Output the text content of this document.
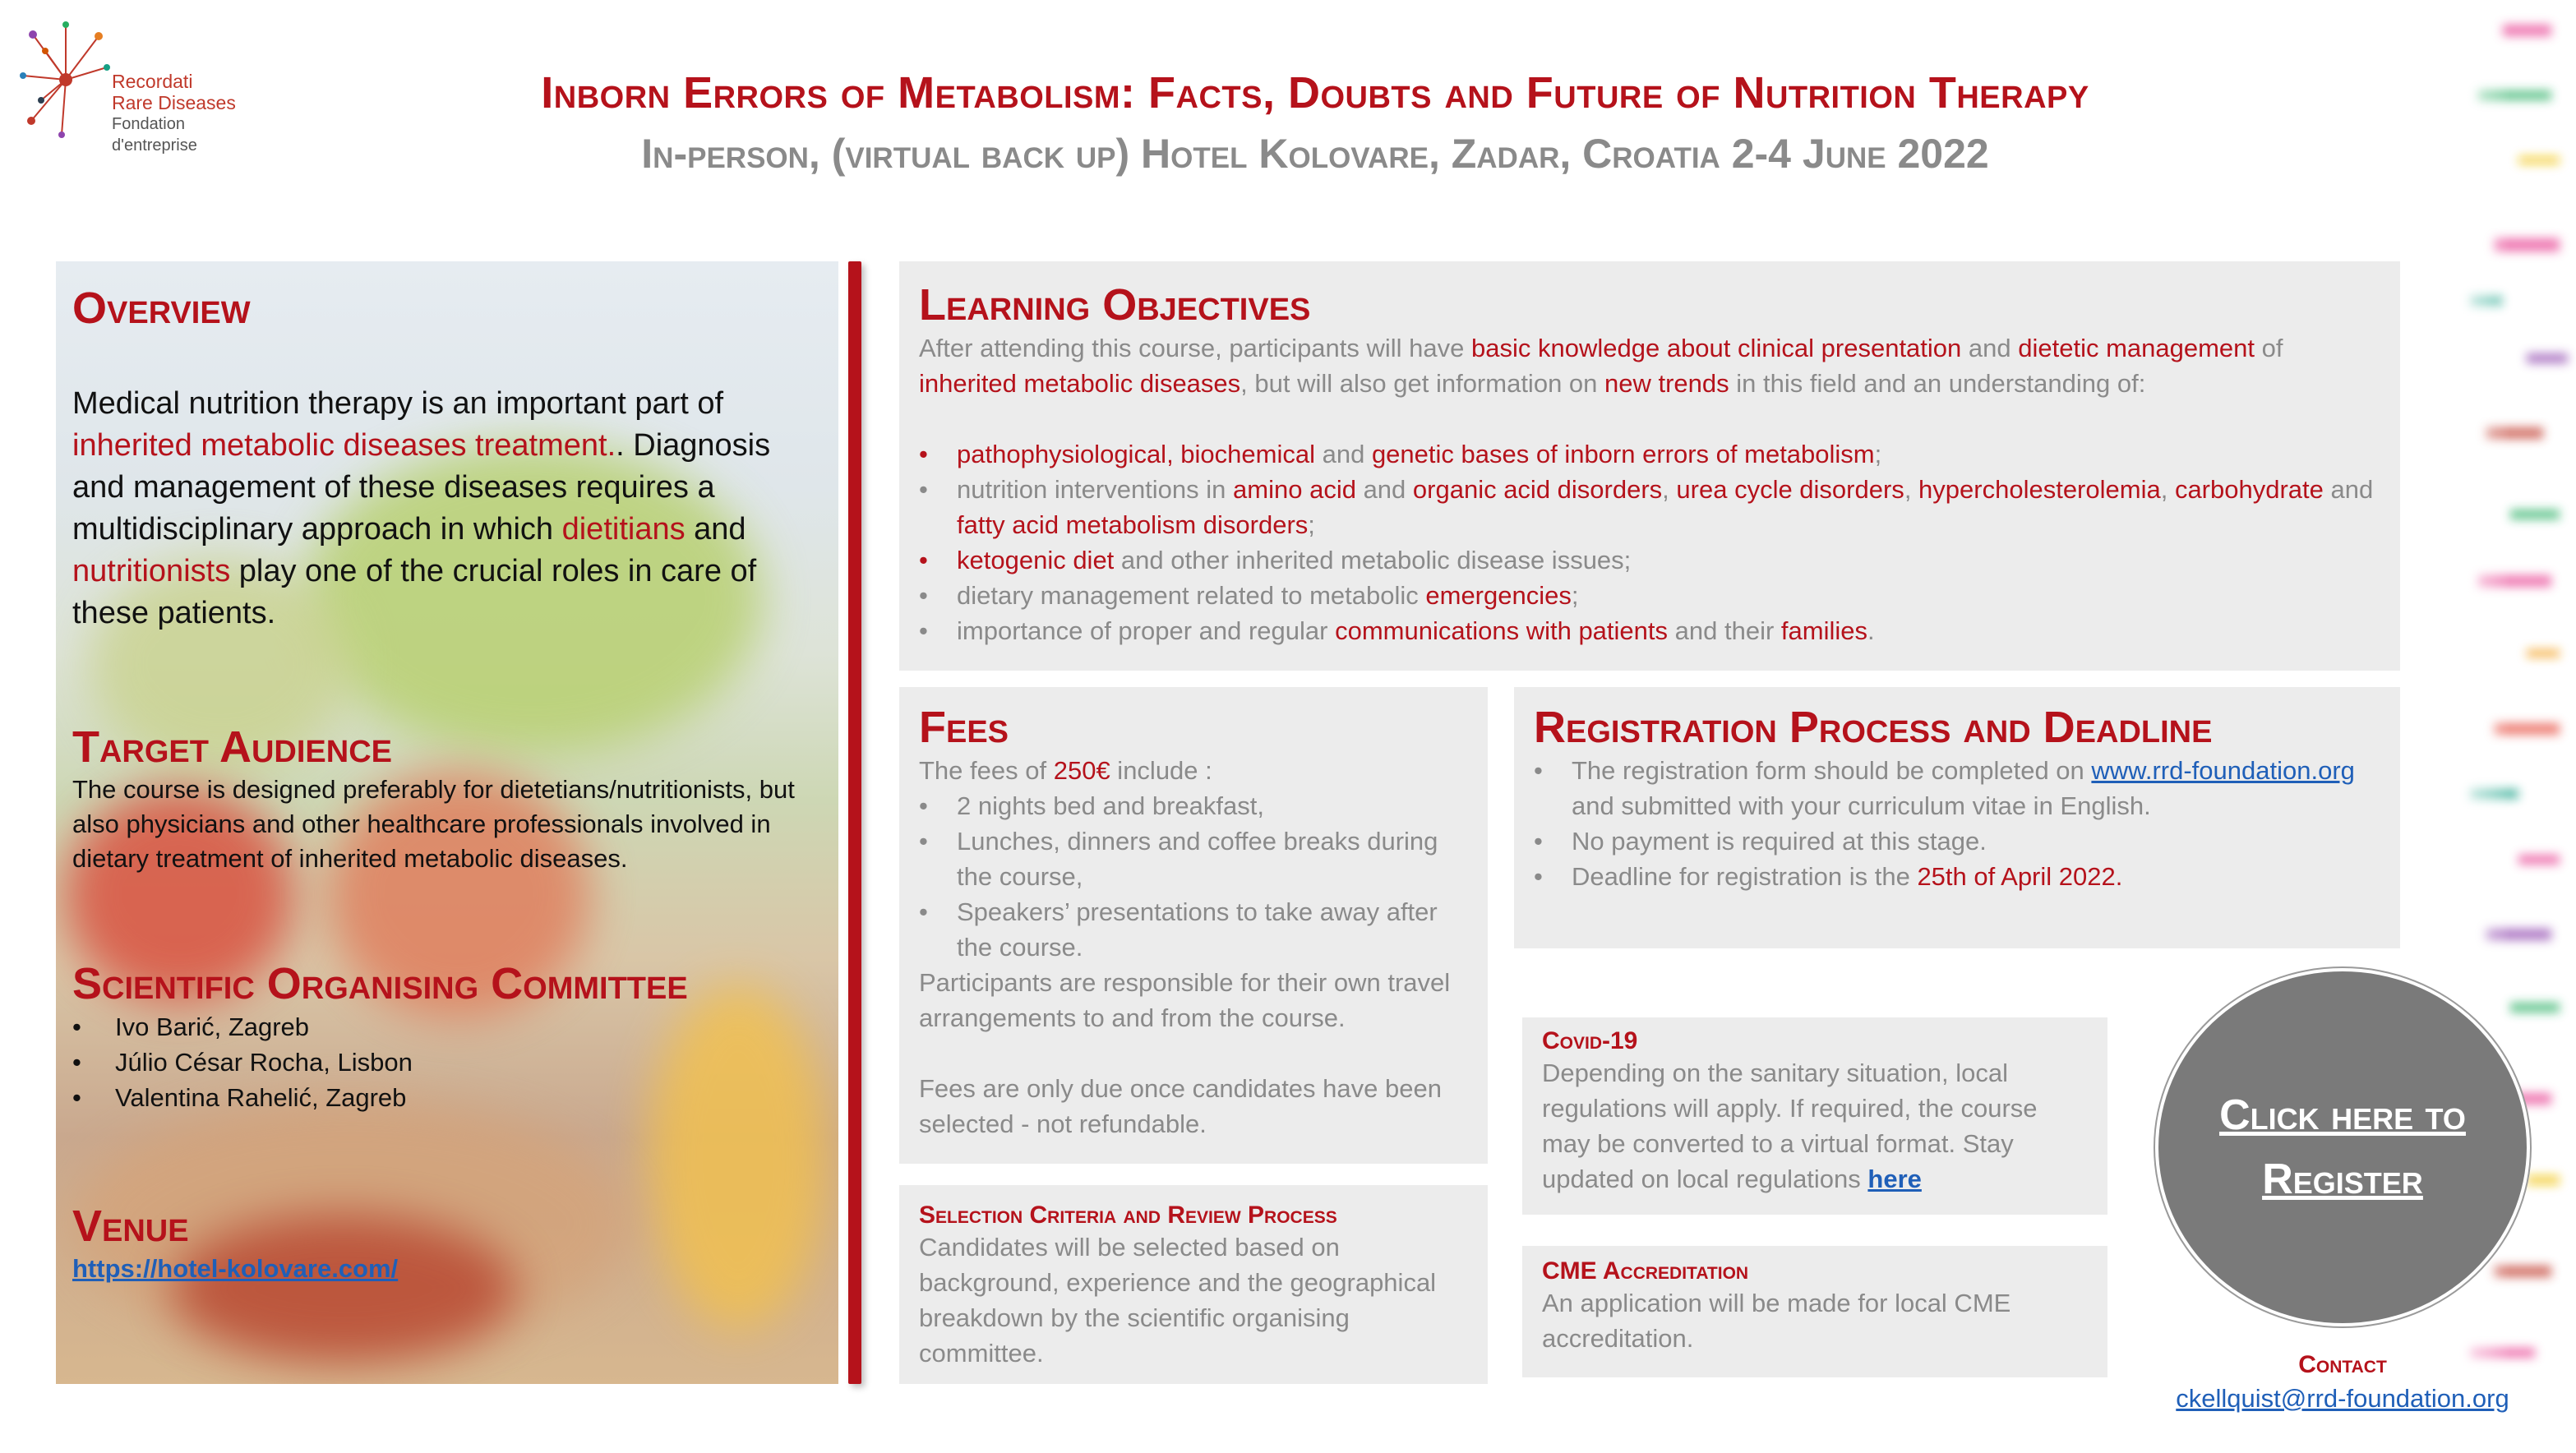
Recordati
Rare Diseases
Fondation d'entreprise
Inborn Errors of Metabolism: Facts, Doubts and Future of Nutrition Therapy
In-person, (virtual back up) Hotel Kolovare, Zadar, Croatia 2-4 June 2022
Overview
Medical nutrition therapy is an important part of inherited metabolic diseases treatment.. Diagnosis and management of these diseases requires a multidisciplinary approach in which dietitians and nutritionists play one of the crucial roles in care of these patients.
Target Audience
The course is designed preferably for dietetians/nutritionists, but also physicians and other healthcare professionals involved in dietary treatment of inherited metabolic diseases.
Scientific Organising Committee
• Ivo Barić, Zagreb
• Júlio César Rocha, Lisbon
• Valentina Rahelić, Zagreb
Venue
https://hotel-kolovare.com/
Learning Objectives
After attending this course, participants will have basic knowledge about clinical presentation and dietetic management of inherited metabolic diseases, but will also get information on new trends in this field and an understanding of:
• pathophysiological, biochemical and genetic bases of inborn errors of metabolism;
• nutrition interventions in amino acid and organic acid disorders, urea cycle disorders, hypercholesterolemia, carbohydrate and fatty acid metabolism disorders;
• ketogenic diet and other inherited metabolic disease issues;
• dietary management related to metabolic emergencies;
• importance of proper and regular communications with patients and their families.
Fees
The fees of 250€ include :
• 2 nights bed and breakfast,
• Lunches, dinners and coffee breaks during the course,
• Speakers’ presentations to take away after the course.
Participants are responsible for their own travel arrangements to and from the course.
Fees are only due once candidates have been selected - not refundable.
Registration Process and Deadline
• The registration form should be completed on www.rrd-foundation.org and submitted with your curriculum vitae in English.
• No payment is required at this stage.
• Deadline for registration is the 25th of April 2022.
Selection Criteria and Review Process
Candidates will be selected based on background, experience and the geographical breakdown by the scientific organising committee.
Covid-19
Depending on the sanitary situation, local regulations will apply. If required, the course may be converted to a virtual format. Stay updated on local regulations here
CME Accreditation
An application will be made for local CME accreditation.
Click here to
Register
Contact
ckellquist@rrd-foundation.org
